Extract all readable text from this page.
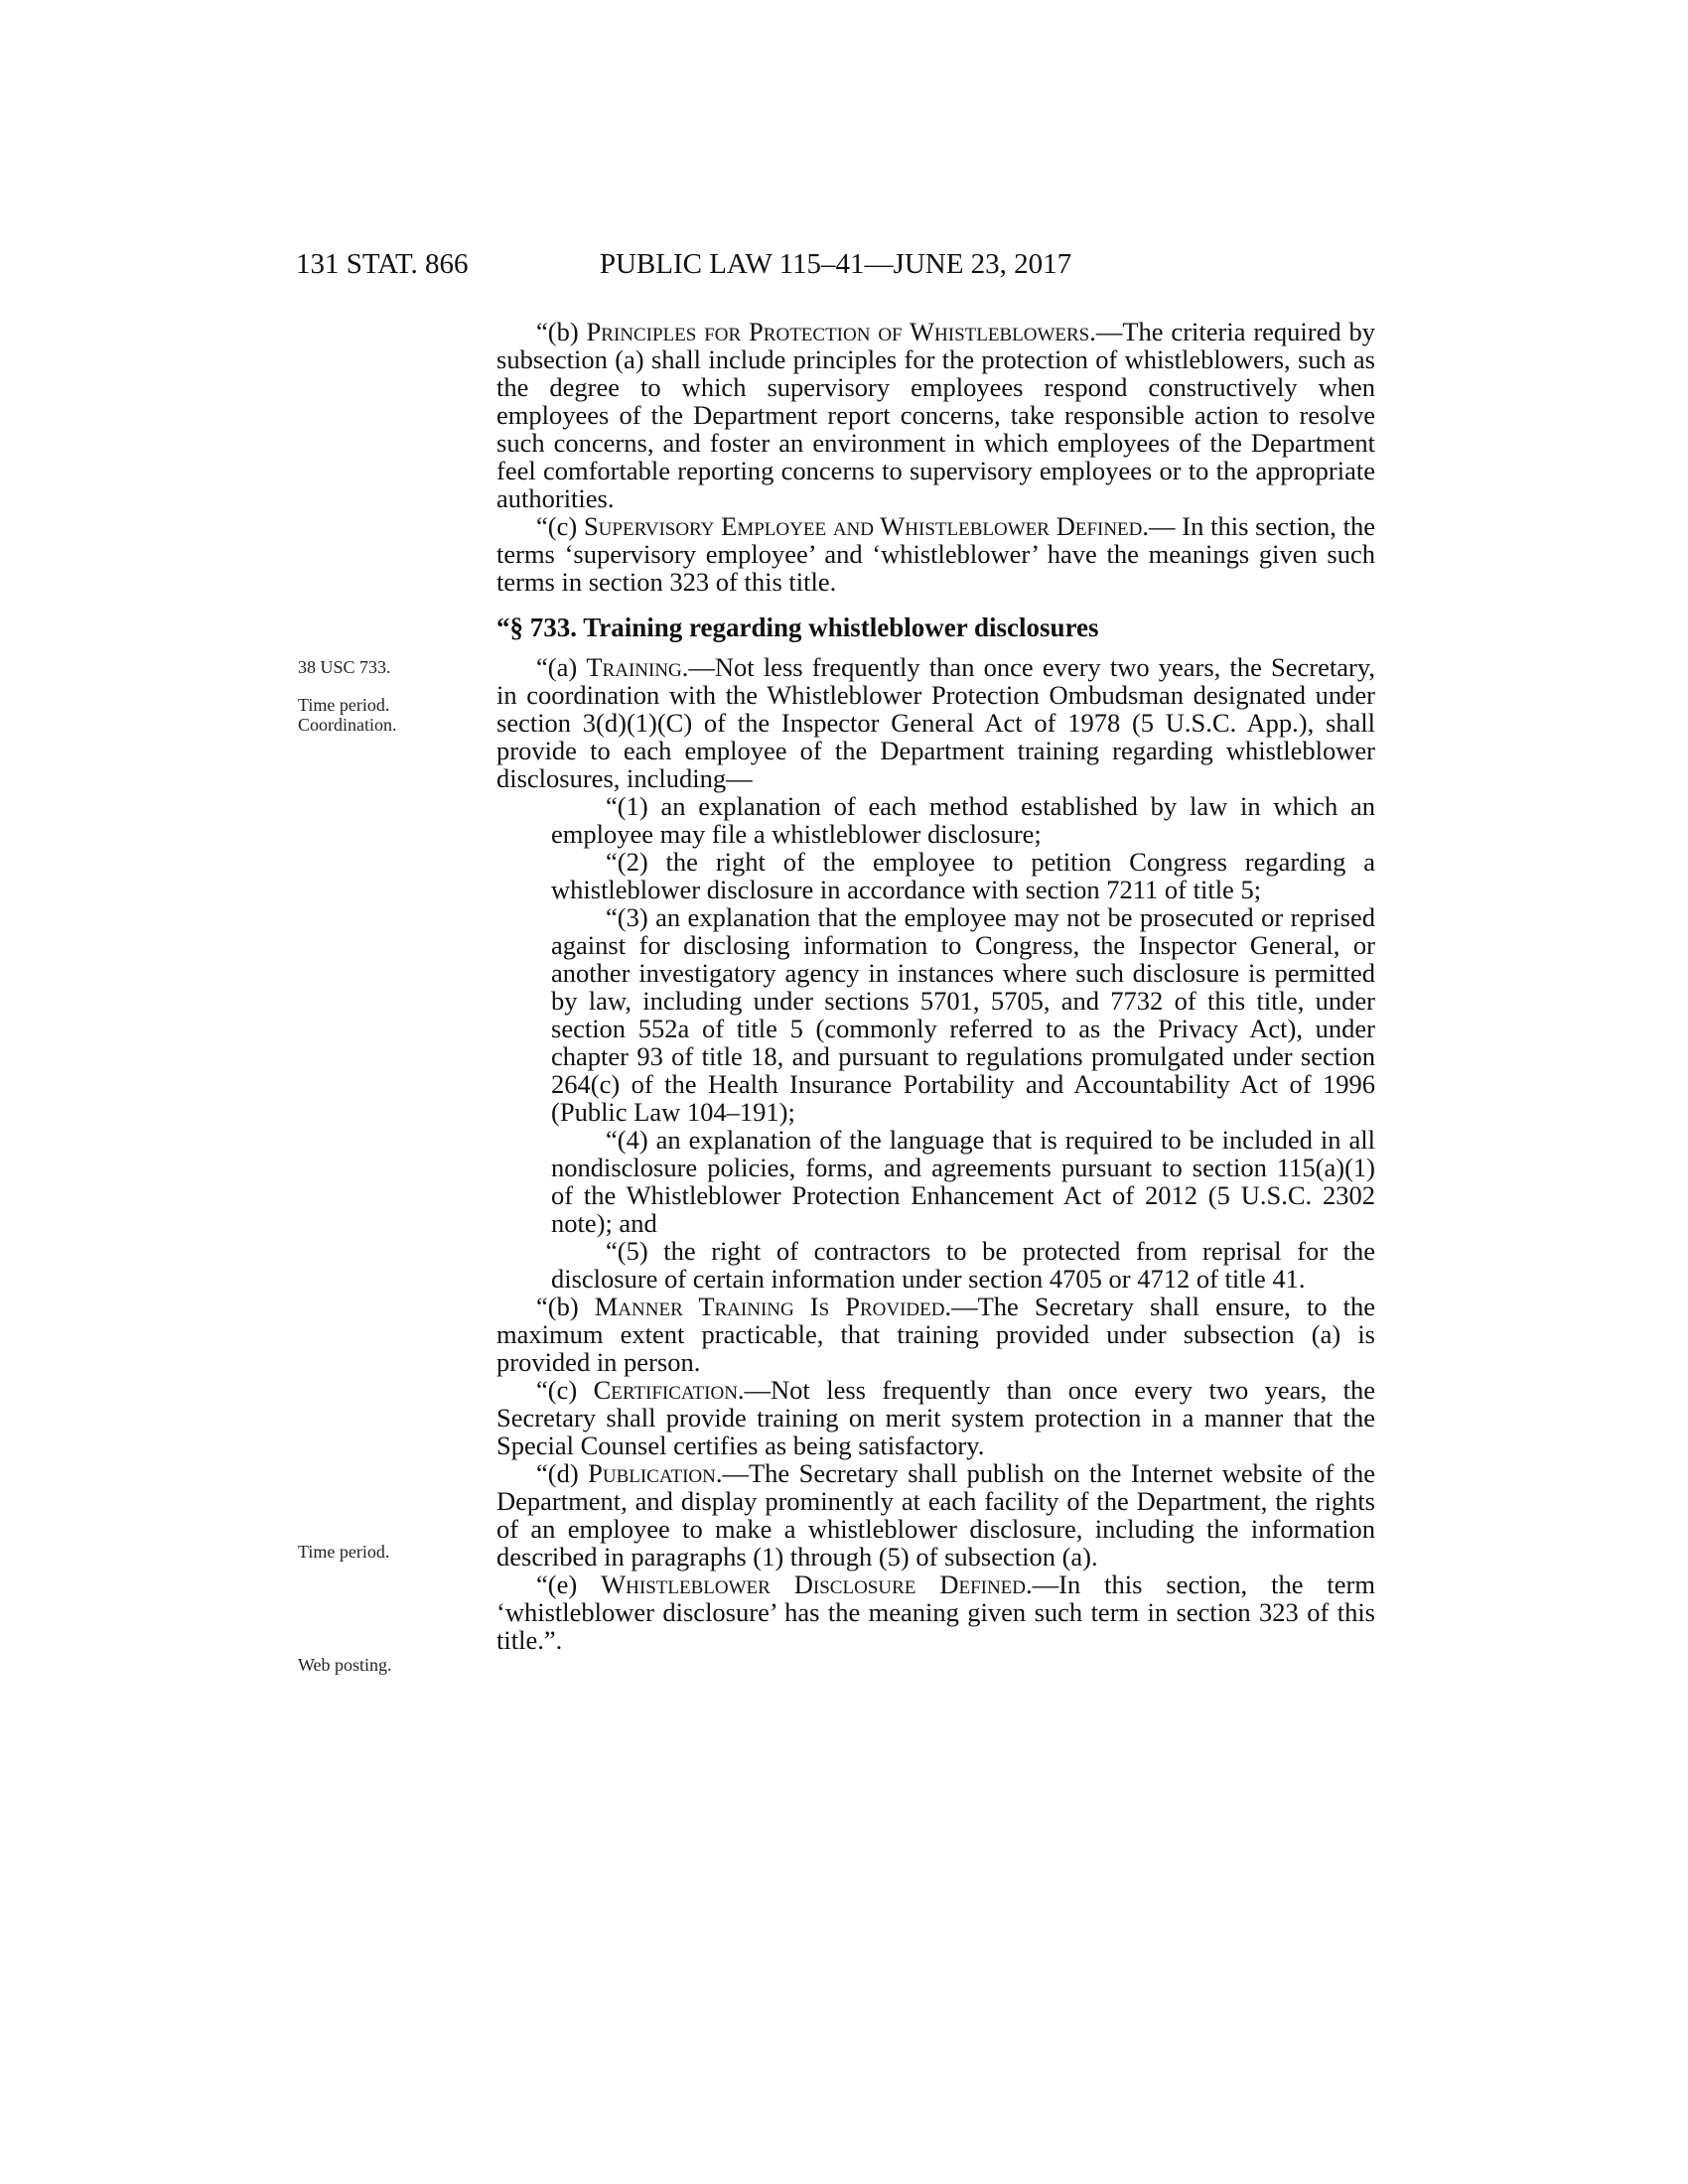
131 STAT. 866	PUBLIC LAW 115–41—JUNE 23, 2017
38 USC 733.
Time period.
Coordination.
Time period.
Web posting.

“(b) Principles for Protection of Whistleblowers.—The criteria required by subsection (a) shall include principles for the protection of whistleblowers, such as the degree to which supervisory employees respond constructively when employees of the Department report concerns, take responsible action to resolve such concerns, and foster an environment in which employees of the Department feel comfortable reporting concerns to supervisory employees or to the appropriate authorities.

“(c) Supervisory Employee and Whistleblower Defined.— In this section, the terms ‘supervisory employee’ and ‘whistleblower’ have the meanings given such terms in section 323 of this title.

“§ 733. Training regarding whistleblower disclosures

“(a) Training.—Not less frequently than once every two years, the Secretary, in coordination with the Whistleblower Protection Ombudsman designated under section 3(d)(1)(C) of the Inspector General Act of 1978 (5 U.S.C. App.), shall provide to each employee of the Department training regarding whistleblower disclosures, including—

“(1) an explanation of each method established by law in which an employee may file a whistleblower disclosure;

“(2) the right of the employee to petition Congress regarding a whistleblower disclosure in accordance with section 7211 of title 5;

“(3) an explanation that the employee may not be prosecuted or reprised against for disclosing information to Congress, the Inspector General, or another investigatory agency in instances where such disclosure is permitted by law, including under sections 5701, 5705, and 7732 of this title, under section 552a of title 5 (commonly referred to as the Privacy Act), under chapter 93 of title 18, and pursuant to regulations promulgated under section 264(c) of the Health Insurance Portability and Accountability Act of 1996 (Public Law 104–191);

“(4) an explanation of the language that is required to be included in all nondisclosure policies, forms, and agreements pursuant to section 115(a)(1) of the Whistleblower Protection Enhancement Act of 2012 (5 U.S.C. 2302 note); and

“(5) the right of contractors to be protected from reprisal for the disclosure of certain information under section 4705 or 4712 of title 41.

“(b) Manner Training Is Provided.—The Secretary shall ensure, to the maximum extent practicable, that training provided under subsection (a) is provided in person.

“(c) Certification.—Not less frequently than once every two years, the Secretary shall provide training on merit system protection in a manner that the Special Counsel certifies as being satisfactory.

“(d) Publication.—The Secretary shall publish on the Internet website of the Department, and display prominently at each facility of the Department, the rights of an employee to make a whistleblower disclosure, including the information described in paragraphs (1) through (5) of subsection (a).

“(e) Whistleblower Disclosure Defined.—In this section, the term ‘whistleblower disclosure’ has the meaning given such term in section 323 of this title.”.
